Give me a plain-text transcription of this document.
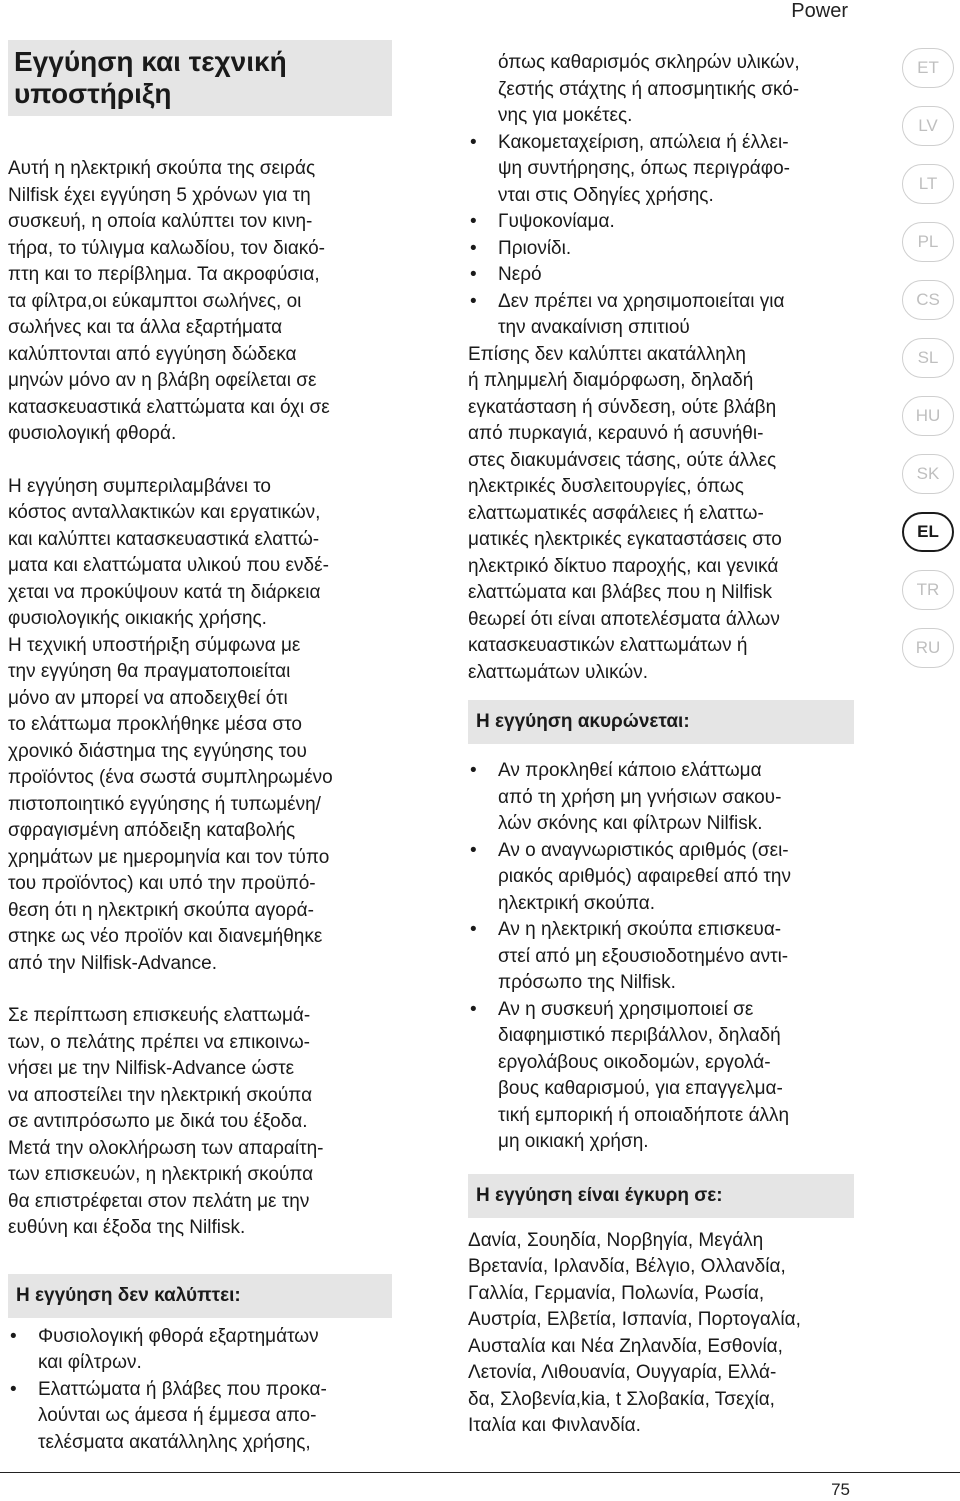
Power
Εγγύηση και τεχνική
υποστήριξη

Αυτή η ηλεκτρική σκούπα της σειράς
Nilfisk έχει εγγύηση 5 χρόνων για τη
συσκευή, η οποία καλύπτει τον κινη-
τήρα, το τύλιγμα καλωδίου, τον διακό-
πτη και το περίβλημα. Τα ακροφύσια,
τα φίλτρα,οι εύκαμπτοι σωλήνες, οι
σωλήνες και τα άλλα εξαρτήματα
καλύπτονται από εγγύηση δώδεκα
μηνών μόνο αν η βλάβη οφείλεται σε
κατασκευαστικά ελαττώματα και όχι σε
φυσιολογική φθορά.

Η εγγύηση συμπεριλαμβάνει το
κόστος ανταλλακτικών και εργατικών,
και καλύπτει κατασκευαστικά ελαττώ-
ματα και ελαττώματα υλικού που ενδέ-
χεται να προκύψουν κατά τη διάρκεια
φυσιολογικής οικιακής χρήσης.
Η τεχνική υποστήριξη σύμφωνα με
την εγγύηση θα πραγματοποιείται
μόνο αν μπορεί να αποδειχθεί ότι
το ελάττωμα προκλήθηκε μέσα στο
χρονικό διάστημα της εγγύησης του
προϊόντος (ένα σωστά συμπληρωμένο
πιστοποιητικό εγγύησης ή τυπωμένη/
σφραγισμένη απόδειξη καταβολής
χρημάτων με ημερομηνία και τον τύπο
του προϊόντος) και υπό την προϋπό-
θεση ότι η ηλεκτρική σκούπα αγορά-
στηκε ως νέο προϊόν και διανεμήθηκε
από την Nilfisk-Advance.

Σε περίπτωση επισκευής ελαττωμά-
των, ο πελάτης πρέπει να επικοινω-
νήσει με την Nilfisk-Advance ώστε
να αποστείλει την ηλεκτρική σκούπα
σε αντιπρόσωπο με δικά του έξοδα.
Μετά την ολοκλήρωση των απαραίτη-
των επισκευών, η ηλεκτρική σκούπα
θα επιστρέφεται στον πελάτη με την
ευθύνη και έξοδα της Nilfisk.

Η εγγύηση δεν καλύπτει:
• Φυσιολογική φθορά εξαρτημάτων
και φίλτρων.
• Ελαττώματα ή βλάβες που προκα-
λούνται ως άμεσα ή έμμεσα απο-
τελέσματα ακατάλληλης χρήσης,

όπως καθαρισμός σκληρών υλικών,
ζεστής στάχτης ή αποσμητικής σκό-
νης για μοκέτες.

• Κακομεταχείριση, απώλεια ή έλλει-
ψη συντήρησης, όπως περιγράφο-
νται στις Οδηγίες χρήσης.
• Γυψοκονίαμα.
• Πριονίδι.
• Νερό
• Δεν πρέπει να χρησιμοποιείται για
την ανακαίνιση σπιτιού

Επίσης δεν καλύπτει ακατάλληλη
ή πλημμελή διαμόρφωση, δηλαδή
εγκατάσταση ή σύνδεση, ούτε βλάβη
από πυρκαγιά, κεραυνό ή ασυνήθι-
στες διακυμάνσεις τάσης, ούτε άλλες
ηλεκτρικές δυσλειτουργίες, όπως
ελαττωματικές ασφάλειες ή ελαττω-
ματικές ηλεκτρικές εγκαταστάσεις στο
ηλεκτρικό δίκτυο παροχής, και γενικά
ελαττώματα και βλάβες που η Nilfisk
θεωρεί ότι είναι αποτελέσματα άλλων
κατασκευαστικών ελαττωμάτων ή
ελαττωμάτων υλικών.

Η εγγύηση ακυρώνεται:
• Αν προκληθεί κάποιο ελάττωμα
από τη χρήση μη γνήσιων σακου-
λών σκόνης και φίλτρων Nilfisk.
• Αν ο αναγνωριστικός αριθμός (σει-
ριακός αριθμός) αφαιρεθεί από την
ηλεκτρική σκούπα.
• Αν η ηλεκτρική σκούπα επισκευα-
στεί από μη εξουσιοδοτημένο αντι-
πρόσωπο της Nilfisk.
• Αν η συσκευή χρησιμοποιεί σε
διαφημιστικό περιβάλλον, δηλαδή
εργολάβους οικοδομών, εργολά-
βους καθαρισμού, για επαγγελμα-
τική εμπορική ή οποιαδήποτε άλλη
μη οικιακή χρήση.
Η εγγύηση είναι έγκυρη σε:

Δανία, Σουηδία, Νορβηγία, Μεγάλη
Βρετανία, Ιρλανδία, Βέλγιο, Ολλανδία,
Γαλλία, Γερμανία, Πολωνία, Ρωσία,
Αυστρία, Ελβετία, Ισπανία, Πορτογαλία,
Αυσταλία και Νέα Ζηλανδία, Εσθονία,
Λετονία, Λιθουανία, Ουγγαρία, Ελλά-
δα, Σλοβενία,kia, t Σλοβακία, Τσεχία,
Ιταλία και Φινλανδία.

ET
LV
LT
PL
CS
SL
HU
SK
EL
TR
RU
75
